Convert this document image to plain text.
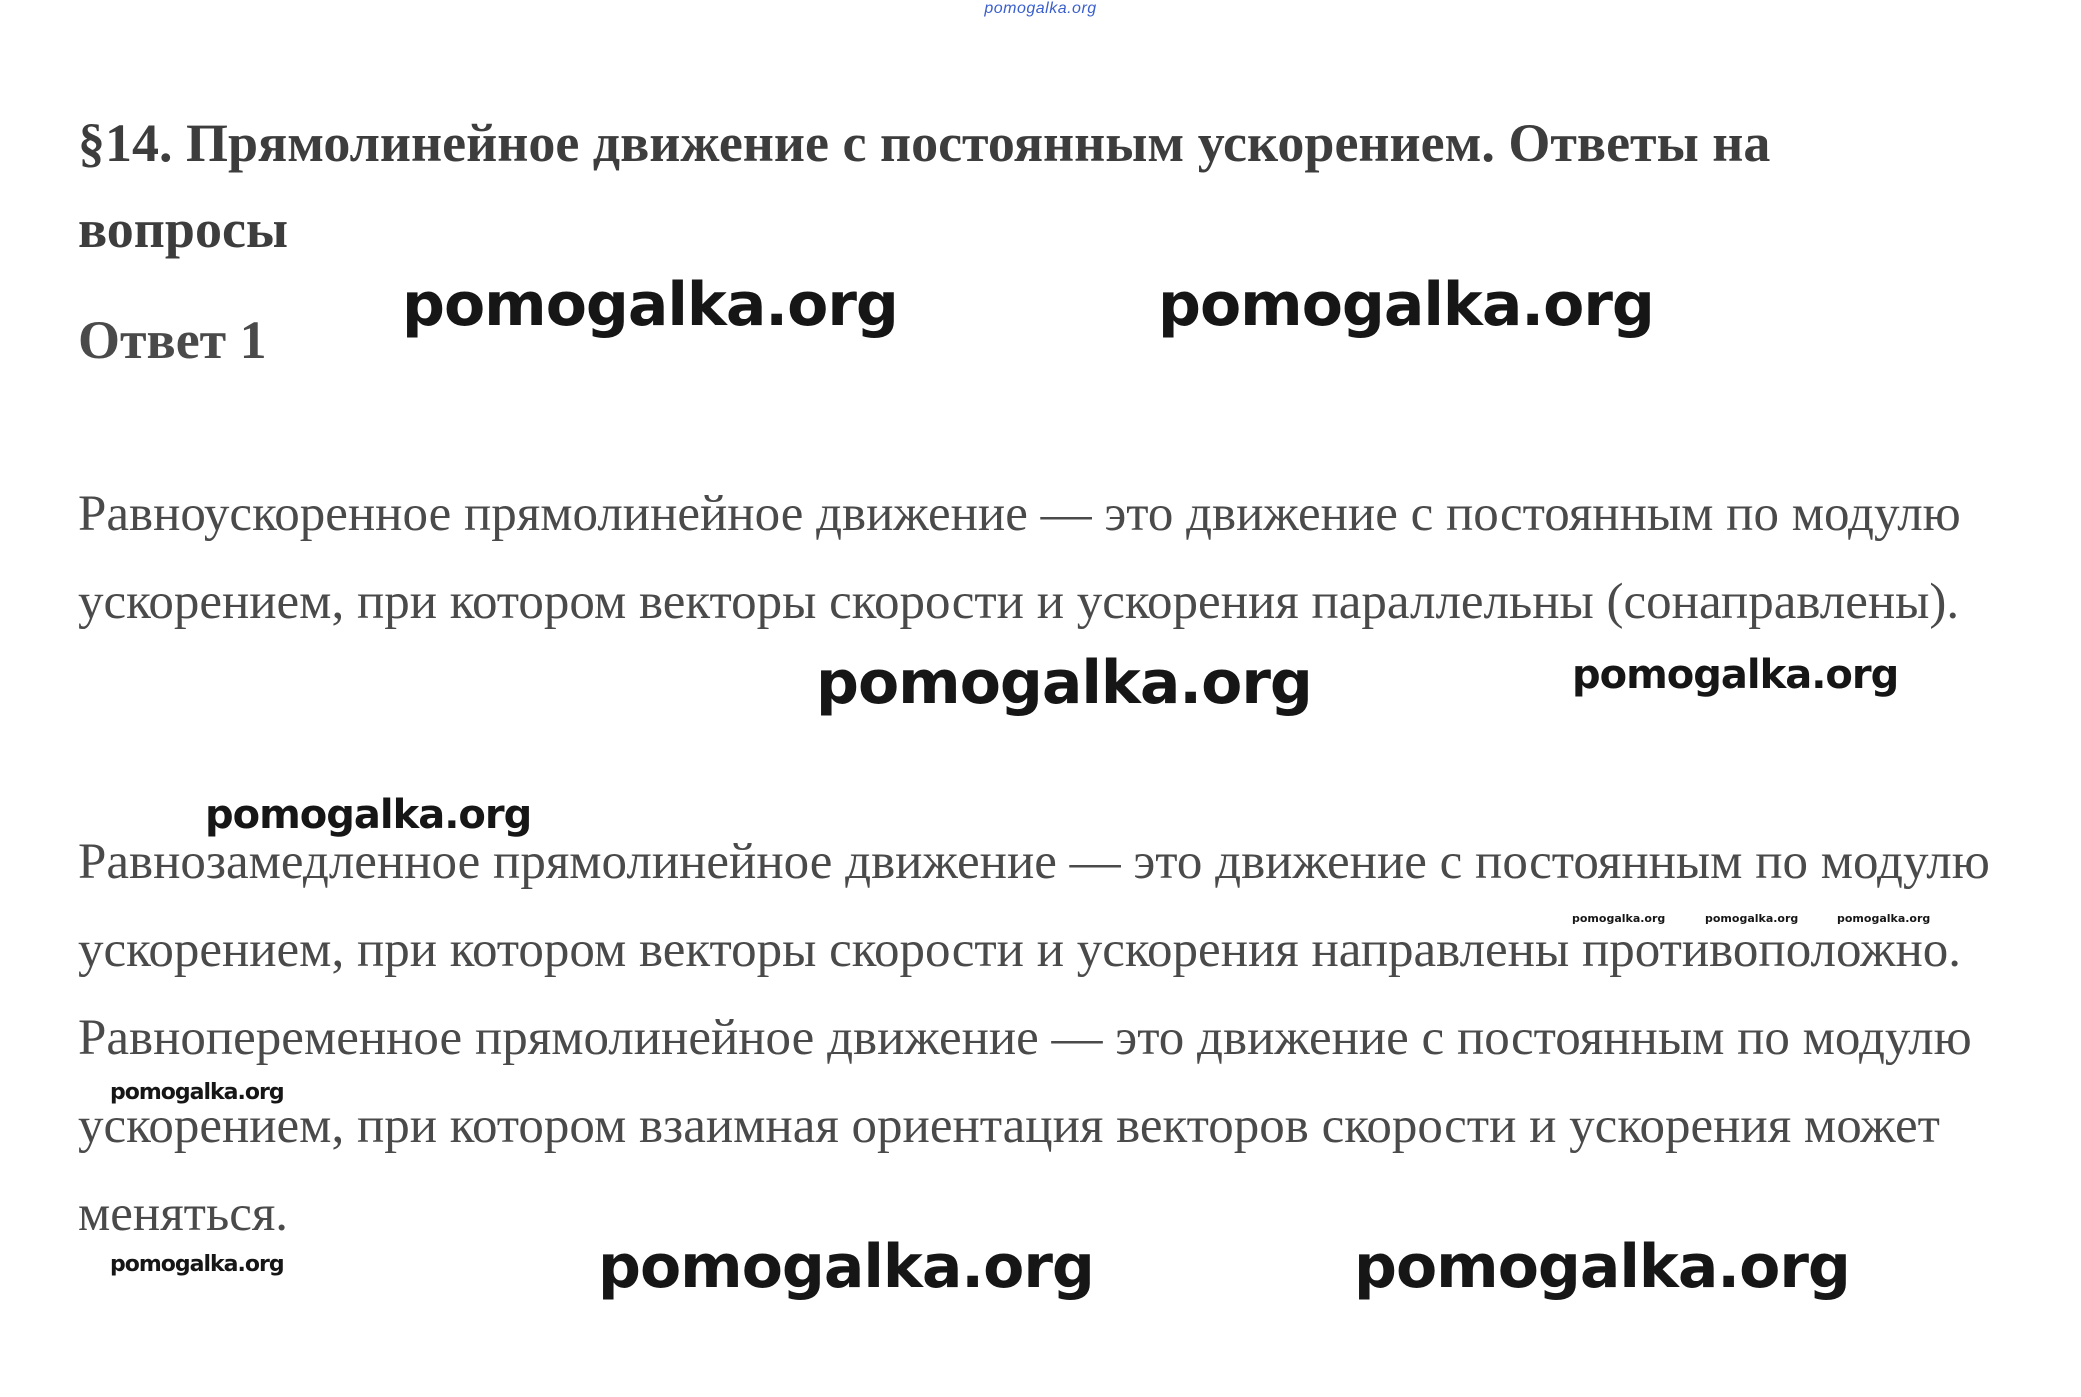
pomogalka.org
§14. Прямолинейное движение с постоянным ускорением. Ответы на вопросы
Ответ 1

Равноускоренное прямолинейное движение — это движение с постоянным по модулю ускорением, при котором векторы скорости и ускорения параллельны (сонаправлены).

Равнозамедленное прямолинейное движение — это движение с постоянным по модулю ускорением, при котором векторы скорости и ускорения направлены противоположно. Равнопеременное прямолинейное движение — это движение с постоянным по модулю ускорением, при котором взаимная ориентация векторов скорости и ускорения может меняться.

pomogalka.org	pomogalka.org
pomogalka.org	pomogalka.org
pomogalka.org
pomogalka.org	pomogalka.org	pomogalka.org
pomogalka.org
pomogalka.org	pomogalka.org	pomogalka.org
